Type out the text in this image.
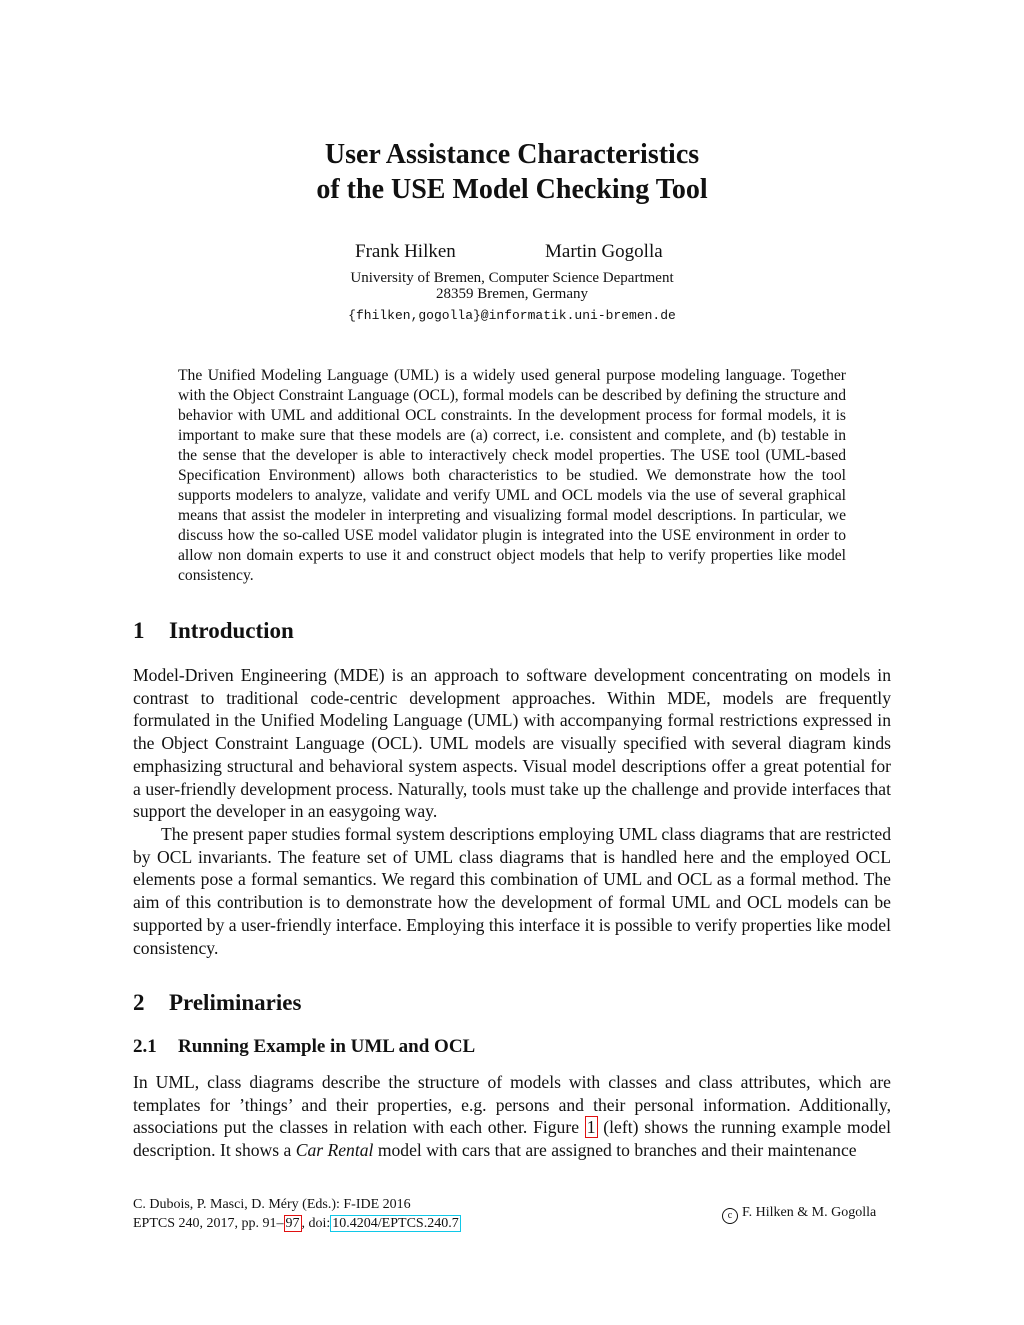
User Assistance Characteristics
of the USE Model Checking Tool
Frank Hilken	Martin Gogolla
University of Bremen, Computer Science Department
28359 Bremen, Germany
{fhilken,gogolla}@informatik.uni-bremen.de

The Unified Modeling Language (UML) is a widely used general purpose modeling language. Together with the Object Constraint Language (OCL), formal models can be described by defining the structure and behavior with UML and additional OCL constraints. In the development process for formal models, it is important to make sure that these models are (a) correct, i.e. consistent and complete, and (b) testable in the sense that the developer is able to interactively check model properties. The USE tool (UML-based Specification Environment) allows both characteristics to be studied. We demonstrate how the tool supports modelers to analyze, validate and verify UML and OCL models via the use of several graphical means that assist the modeler in interpreting and visualizing formal model descriptions. In particular, we discuss how the so-called USE model validator plugin is integrated into the USE environment in order to allow non domain experts to use it and construct object models that help to verify properties like model consistency.

1 Introduction

Model-Driven Engineering (MDE) is an approach to software development concentrating on models in contrast to traditional code-centric development approaches. Within MDE, models are frequently formulated in the Unified Modeling Language (UML) with accompanying formal restrictions expressed in the Object Constraint Language (OCL). UML models are visually specified with several diagram kinds emphasizing structural and behavioral system aspects. Visual model descriptions offer a great potential for a user-friendly development process. Naturally, tools must take up the challenge and provide interfaces that support the developer in an easygoing way.

The present paper studies formal system descriptions employing UML class diagrams that are restricted by OCL invariants. The feature set of UML class diagrams that is handled here and the employed OCL elements pose a formal semantics. We regard this combination of UML and OCL as a formal method. The aim of this contribution is to demonstrate how the development of formal UML and OCL models can be supported by a user-friendly interface. Employing this interface it is possible to verify properties like model consistency.

2 Preliminaries
2.1 Running Example in UML and OCL

In UML, class diagrams describe the structure of models with classes and class attributes, which are templates for ’things’ and their properties, e.g. persons and their personal information. Additionally, associations put the classes in relation with each other. Figure 1 (left) shows the running example model description. It shows a Car Rental model with cars that are assigned to branches and their maintenance

C. Dubois, P. Masci, D. Méry (Eds.): F-IDE 2016
EPTCS 240, 2017, pp. 91– 97 , doi: 10.4204/EPTCS.240.7
c F. Hilken & M. Gogolla
